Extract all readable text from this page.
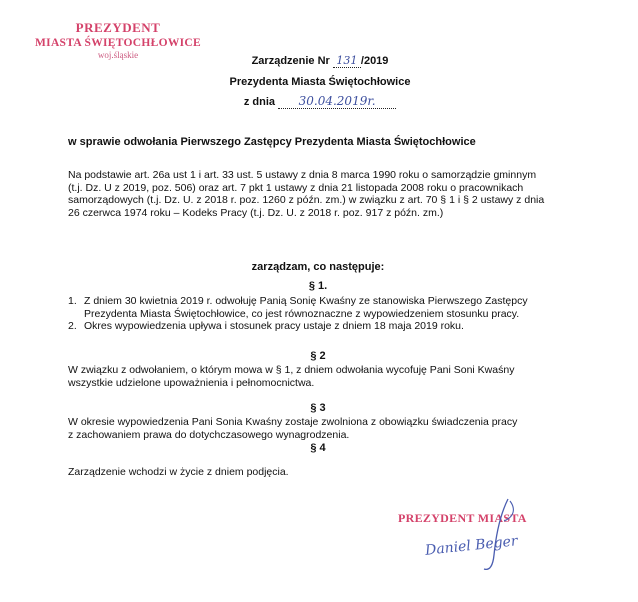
PREZYDENT
MIASTA ŚWIĘTOCHŁOWICE
woj.śląskie	Zarządzenie Nr 131 /2019
Prezydenta Miasta Świętochłowice
z dnia 30.04.2019r.
w sprawie odwołania Pierwszego Zastępcy Prezydenta Miasta Świętochłowice
Na podstawie art. 26a ust 1 i art. 33 ust. 5 ustawy z dnia 8 marca 1990 roku o samorządzie gminnym
(t.j. Dz. U z 2019, poz. 506) oraz art. 7 pkt 1 ustawy z dnia 21 listopada 2008 roku o pracownikach
samorządowych (t.j. Dz. U. z 2018 r. poz. 1260 z późn. zm.) w związku z art. 70 § 1 i § 2 ustawy z dnia
26 czerwca 1974 roku – Kodeks Pracy (t.j. Dz. U. z 2018 r. poz. 917 z późn. zm.)
zarządzam, co następuje:
§ 1.
1. Z dniem 30 kwietnia 2019 r. odwołuję Panią Sonię Kwaśny ze stanowiska Pierwszego Zastępcy
Prezydenta Miasta Świętochłowice, co jest równoznaczne z wypowiedzeniem stosunku pracy.
2. Okres wypowiedzenia upływa i stosunek pracy ustaje z dniem 18 maja 2019 roku.
§ 2
W związku z odwołaniem, o którym mowa w § 1, z dniem odwołania wycofuję Pani Soni Kwaśny
wszystkie udzielone upoważnienia i pełnomocnictwa.
§ 3
W okresie wypowiedzenia Pani Sonia Kwaśny zostaje zwolniona z obowiązku świadczenia pracy
z zachowaniem prawa do dotychczasowego wynagrodzenia.
§ 4
Zarządzenie wchodzi w życie z dniem podjęcia.
PREZYDENT MIASTA
Daniel Beger
